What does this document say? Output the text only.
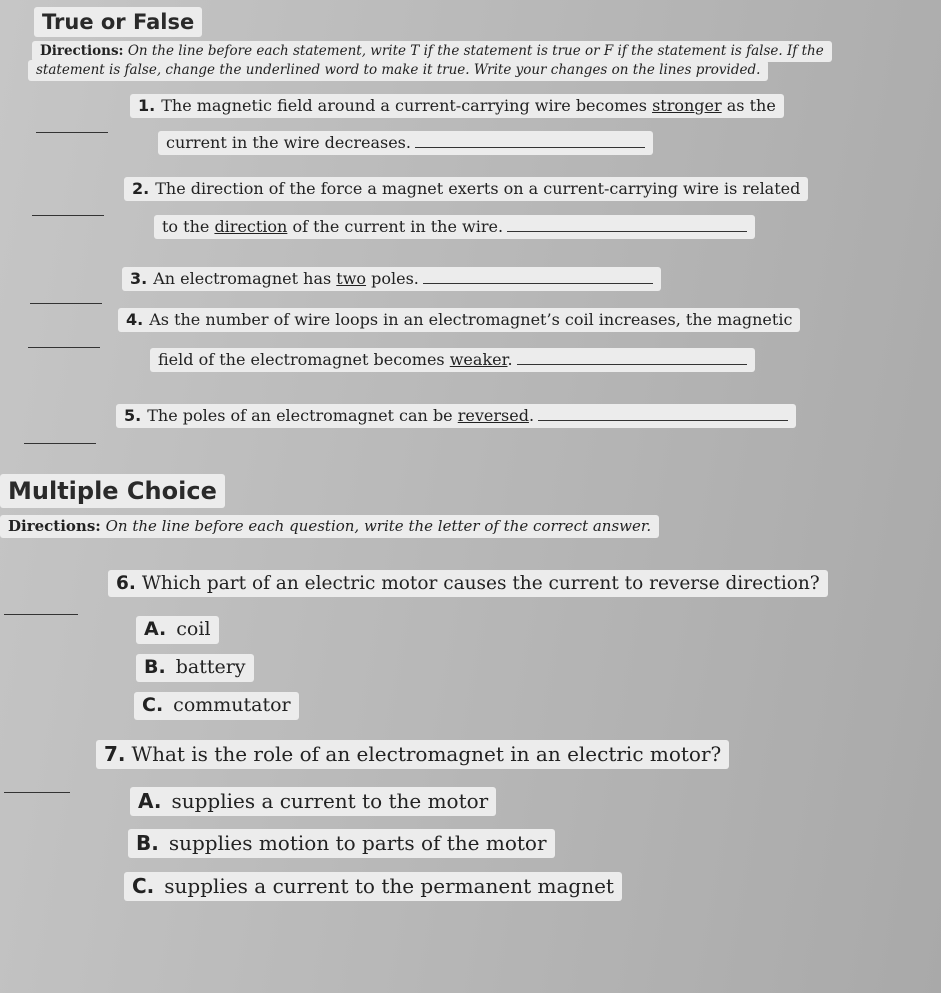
True or False
Directions: On the line before each statement, write T if the statement is true or F if the statement is false. If the
statement is false, change the underlined word to make it true. Write your changes on the lines provided.
1. The magnetic field around a current-carrying wire becomes stronger as the
current in the wire decreases.
2. The direction of the force a magnet exerts on a current-carrying wire is related
to the direction of the current in the wire.
3. An electromagnet has two poles.
4. As the number of wire loops in an electromagnet’s coil increases, the magnetic
field of the electromagnet becomes weaker.
5. The poles of an electromagnet can be reversed.
Multiple Choice
Directions: On the line before each question, write the letter of the correct answer.
6. Which part of an electric motor causes the current to reverse direction?
A. coil
B. battery
C. commutator
7. What is the role of an electromagnet in an electric motor?
A. supplies a current to the motor
B. supplies motion to parts of the motor
C. supplies a current to the permanent magnet
